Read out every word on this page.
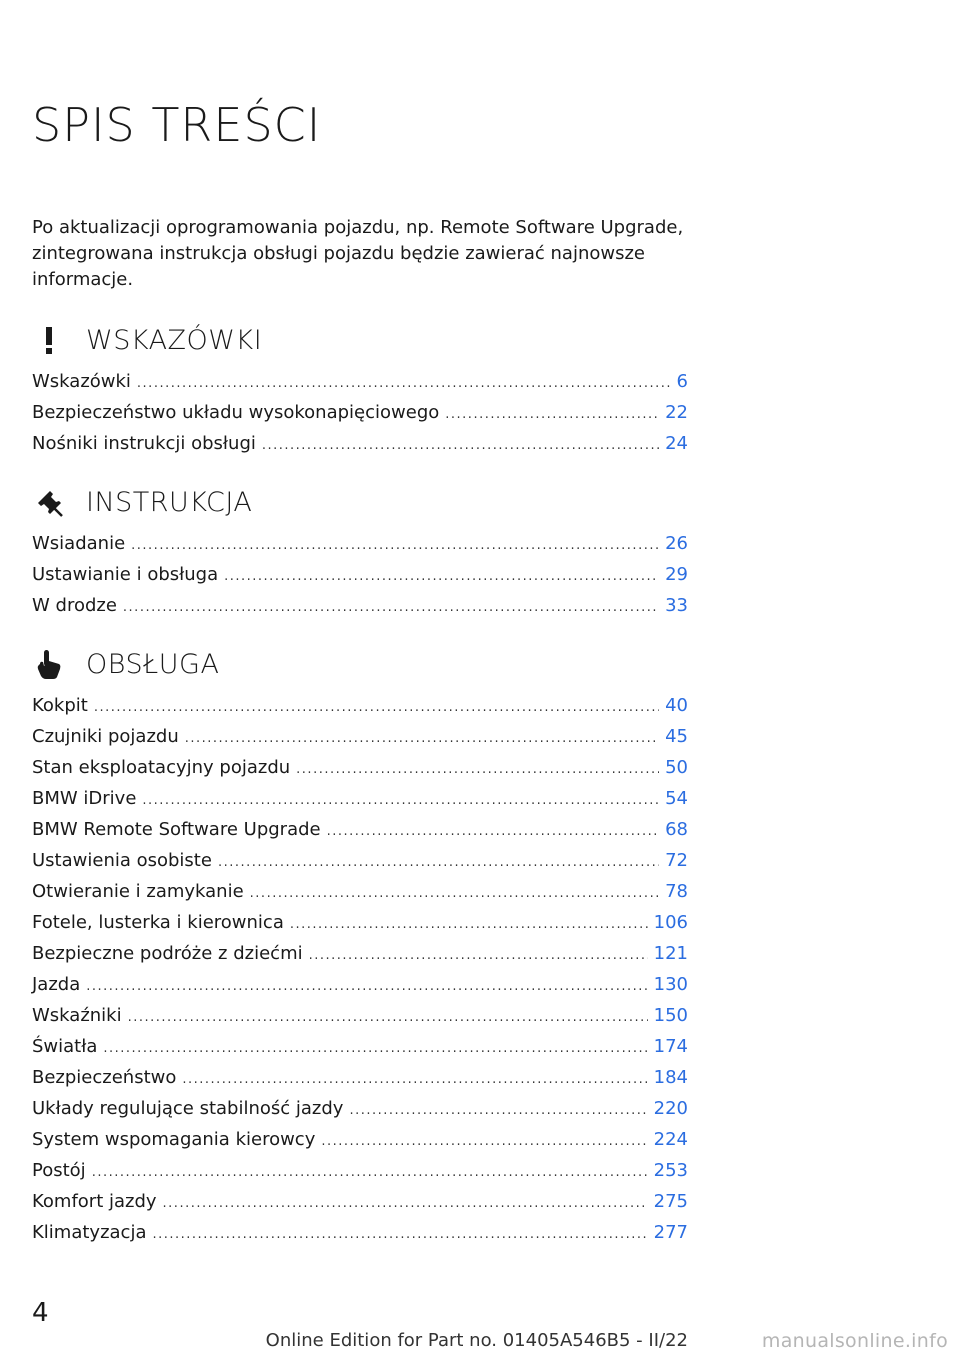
SPIS TREŚCI
Po aktualizacji oprogramowania pojazdu, np. Remote Software Upgrade, zintegrowana instrukcja obsługi pojazdu będzie zawierać najnowsze informacje.
WSKAZÓWKI
Wskazówki .....	6
Bezpieczeństwo układu wysokonapięciowego .....	22
Nośniki instrukcji obsługi .....	24
INSTRUKCJA
Wsiadanie .....	26
Ustawianie i obsługa .....	29
W drodze .....	33
OBSŁUGA
Kokpit .....	40
Czujniki pojazdu .....	45
Stan eksploatacyjny pojazdu .....	50
BMW iDrive .....	54
BMW Remote Software Upgrade .....	68
Ustawienia osobiste .....	72
Otwieranie i zamykanie .....	78
Fotele, lusterka i kierownica .....	106
Bezpieczne podróże z dziećmi .....	121
Jazda .....	130
Wskaźniki .....	150
Światła .....	174
Bezpieczeństwo .....	184
Układy regulujące stabilność jazdy .....	220
System wspomagania kierowcy .....	224
Postój .....	253
Komfort jazdy .....	275
Klimatyzacja .....	277
4
Online Edition for Part no. 01405A546B5 - II/22	manualsonline.info
